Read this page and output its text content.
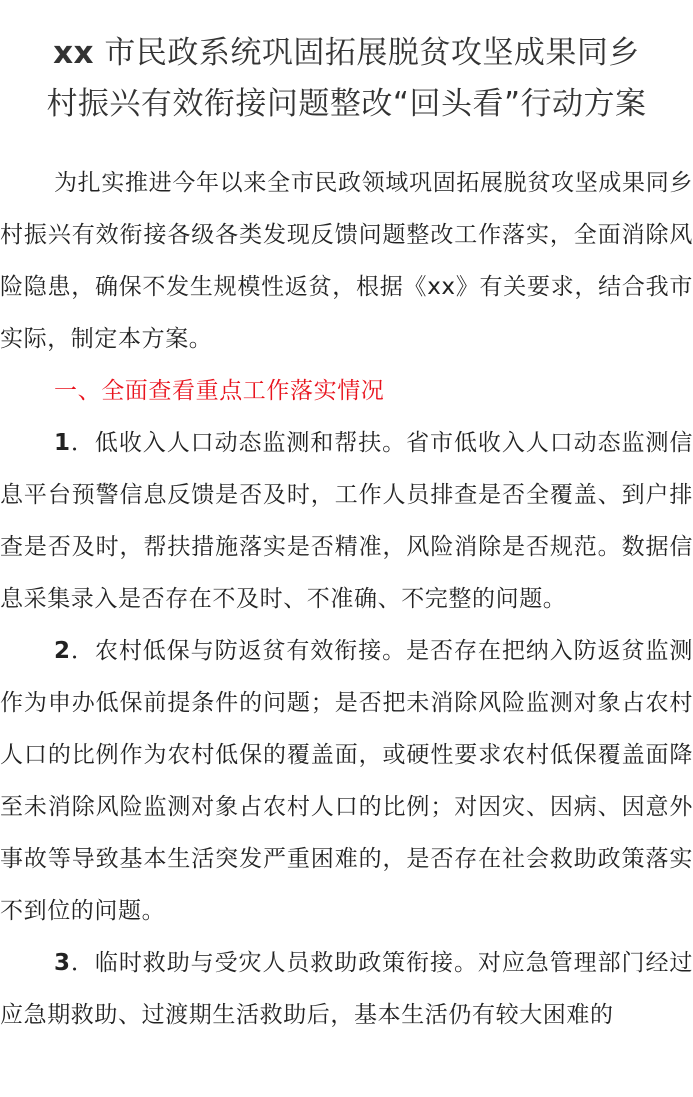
xx 市民政系统巩固拓展脱贫攻坚成果同乡
村振兴有效衔接问题整改“回头看”行动方案

为扎实推进今年以来全市民政领域巩固拓展脱贫攻坚成果同乡村振兴有效衔接各级各类发现反馈问题整改工作落实，全面消除风险隐患，确保不发生规模性返贫，根据《xx》有关要求，结合我市实际，制定本方案。

一、全面查看重点工作落实情况

1．低收入人口动态监测和帮扶。省市低收入人口动态监测信息平台预警信息反馈是否及时，工作人员排查是否全覆盖、到户排查是否及时，帮扶措施落实是否精准，风险消除是否规范。数据信息采集录入是否存在不及时、不准确、不完整的问题。

2．农村低保与防返贫有效衔接。是否存在把纳入防返贫监测作为申办低保前提条件的问题；是否把未消除风险监测对象占农村人口的比例作为农村低保的覆盖面，或硬性要求农村低保覆盖面降至未消除风险监测对象占农村人口的比例；对因灾、因病、因意外事故等导致基本生活突发严重困难的，是否存在社会救助政策落实不到位的问题。

3．临时救助与受灾人员救助政策衔接。对应急管理部门经过应急期救助、过渡期生活救助后，基本生活仍有较大困难的
